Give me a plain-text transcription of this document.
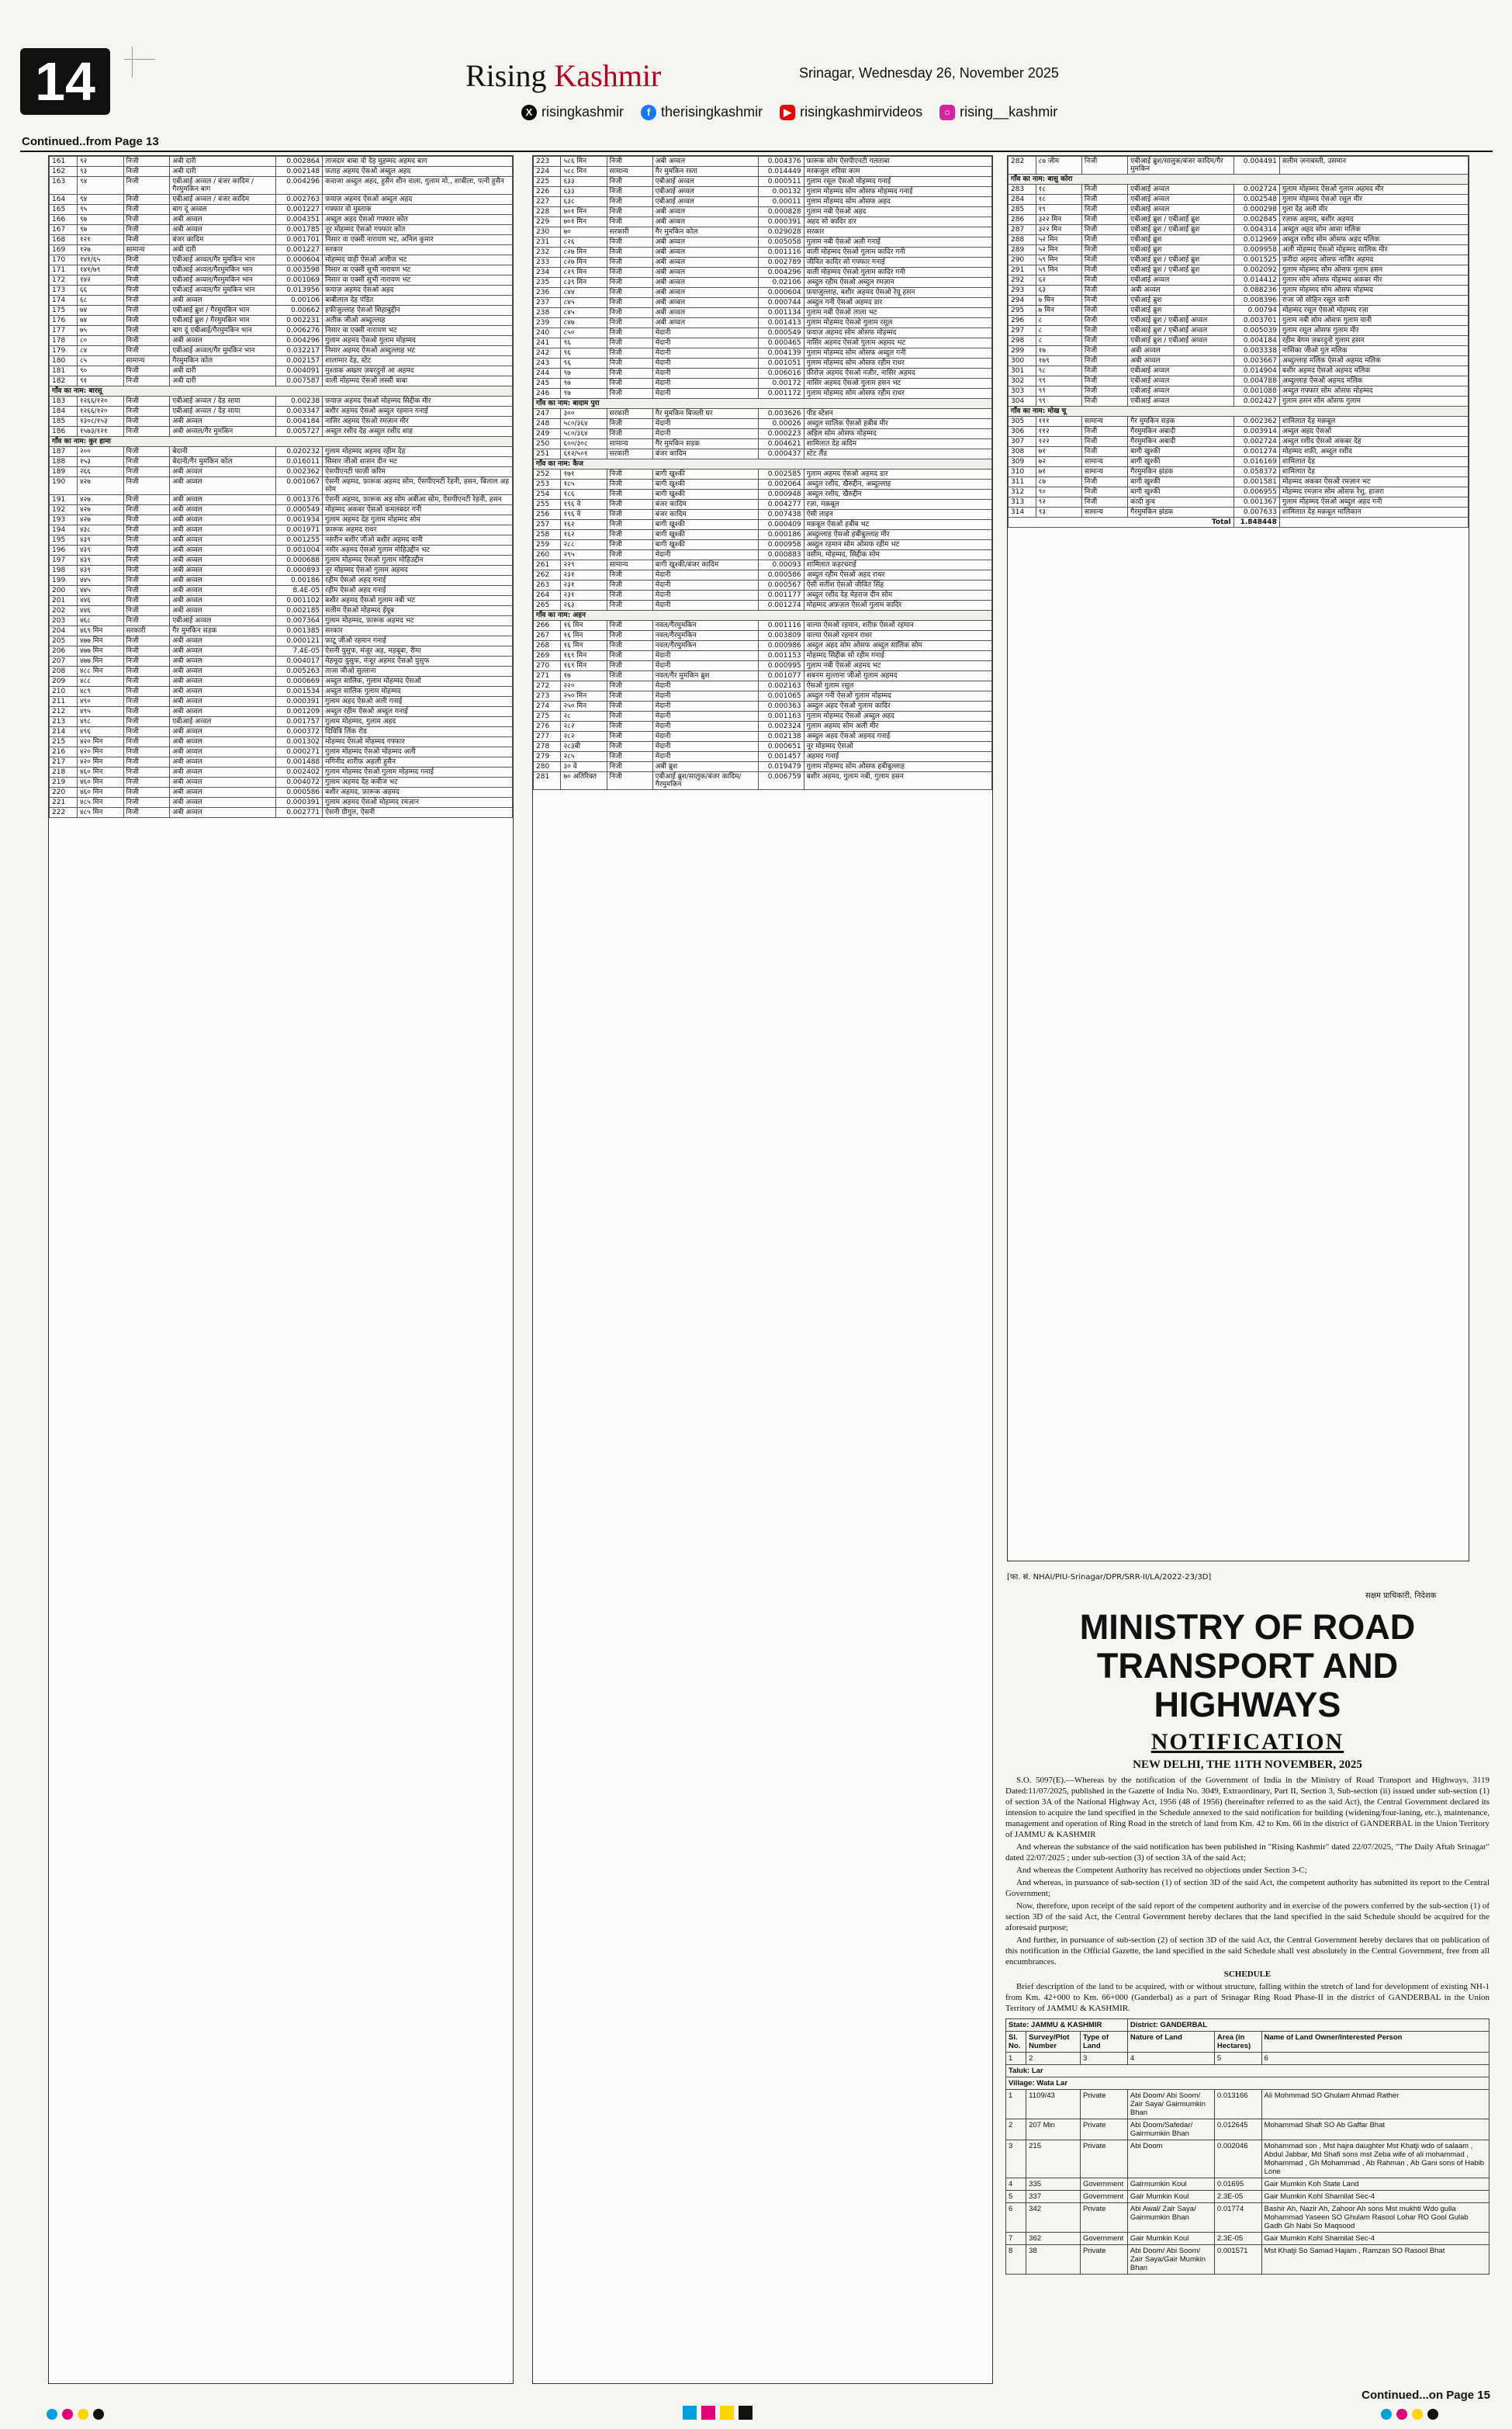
14	Rising Kashmir	Srinagar, Wednesday 26, November 2025
X risingkashmir	f therisingkashmir	▶ risingkashmirvideos	○ rising__kashmir
Continued..from Page 13
161	९२	निजी	अबी दारी	0.002864	ताजदार बाबा वो देह मुहम्मद अहमद बाग
162	९३	निजी	अबी दारी	0.002148	फ़ताह अहमद ऐसओ अब्दुल अहद
163	९४	निजी	एबीआई अव्वल / बंजर कादिम / गैरमुमकिन बाग	0.004296	कवाजा अब्दुल अहद, हुसैन शीन वाला, गुलाम मो., शाबीला, पत्नी हुसैन
164	९४	निजी	एबीआई अव्वल / बंजर कादिम	0.002763	फ़याज़ अहमद ऐसओ अब्दुल अहद
165	९५	निजी	बाग दूं अव्वल	0.001227	गफ्फार वो मुस्ताक
166	९७	निजी	अबी अव्वल	0.004351	अब्दुल अहद ऐसओ गफ्फार कोत
167	९७	निजी	अबी अव्वल	0.001785	नूर मोहम्मद ऐसओ गफ्फार कोत
168	१२१	निजी	बंजर कादिम	0.001701	निसार वा एक्सी नारायण भट, अनिल कुमार
169	१२७	सामान्य	अबी दारी	0.001227	सरकार
170	१४१/६५	निजी	एबीआई अव्वल/गैर मुमकिन भान	0.000604	मोहम्मद याही ऐसओ अजीज भट
171	१४१/७९	निजी	एबीआई अव्वल/गैरमुमकिन भान	0.003598	निसार वा एक्सी सुभी नारायण भट
172	१४२	निजी	एबीआई अव्वल/गैरमुमकिन भान	0.001069	निसार वा एक्सी सुभी नारायण भट
173	६६	निजी	एबीआई अव्वल/गैर मुमकिन भान	0.013956	फ़याज़ अहमद ऐसओ अहद
174	६८	निजी	अबी अव्वल	0.00106	बाबीलाल देह पंडित
175	७४	निजी	एबीआई ब्रुश / गैरमुमकिन भान	0.00662	हफीजुल्लाह ऐसओ शिहाबुद्दीन
176	७४	निजी	एबीआई ब्रुश / गैरमुमकिन भान	0.002231	अतीक जीओ अब्दुल्लाह
177	७५	निजी	बाग दूं एबीआई/गैरमुमकिन भान	0.006276	निसार वा एक्सी नारायण भट
178	८०	निजी	अबी अव्वल	0.004296	गुलाम अहमद ऐसओ गुलाम मोहम्मद
179	८४	निजी	एबीआई अव्वल/गैर मुमकिन भान	0.032217	निसार अहमद ऐसओ अब्दुल्लाह भट
180	८५	सामान्य	गैरमुमकिन कोल	0.002157	शालामार देह, स्टेट
181	९०	निजी	अबी दारी	0.004091	मुश्ताक अख्तर ज़बरदुनो आ अहमद
182	९१	निजी	अबी दारी	0.007587	वाली मोहम्मद ऐसओ लस्सी बाबा
गाँव का नाम: बारसू					
183	१२६६/१२०	निजी	एबीआई अव्वल / देह साया	0.00238	फ़याज़ अहमद ऐसओ मोहम्मद सिद्दीक मीर
184	१२६६/१२०	निजी	एबीआई अव्वल / देह साया	0.003347	बशीर अहमद ऐसओ अब्दुल रहमान गनाई
185	१३०८/१५३	निजी	अबी अव्वल	0.004184	नासिर अहमद ऐसओ रमज़ान मीर
186	१५७३/१२१	निजी	अबी अव्वल/गैर मुमकिन	0.005727	अब्दुल रशीद देह अब्दुल रशीद शाह
गाँव का नाम: कुर हामा					
187	२००	निजी	बेदानी	0.020232	गुलाम मोहम्मद अहमद रहीम देह
188	१५३	निजी	बेदानी/गैर मुमकिन कोल	0.016011	सिसार जीओ शासन दीन भट
189	२६६	निजी	अबी अव्वल	0.002362	ऐसपीएनटी फाज़ी करिम
190	४२७	निजी	अबी अव्वल	0.001067	ऐसनी अहमद, फ़ारूक अहमद सोम, ऐसपीएनटी रेहनी, हसन, बिलाल अह सोम
191	४२७	निजी	अबी अव्वल	0.001376	ऐसनी अहमद, फ़ारूक अह सोम अबीआ सोम, ऐसपीएनटी रेहनी, हसन
192	४२७	निजी	अबी अव्वल	0.000549	मोहम्मद अकबर ऐसओ कमलबदर गनी
193	४२७	निजी	अबी अव्वल	0.001934	गुलाम अहमद देह गुलाम मोहम्मद सोम
194	४३८	निजी	अबी अव्वल	0.001971	फ़ारूक अहमद राथर
195	४३९	निजी	अबी अव्वल	0.001255	नसरीन बशीर जीओ बशीर अहमद वानी
196	४३९	निजी	अबी अव्वल	0.001004	नसीर अहमद ऐसओ गुलाम मोहिउद्दीन भट
197	४३९	निजी	अबी अव्वल	0.000688	गुलाम मोहम्मद ऐसओ गुलाम मोहिउद्दीन
198	४३९	निजी	अबी अव्वल	0.000893	नूर मोहम्मद ऐसओ गुलाम अहमद
199	४४५	निजी	अबी अव्वल	0.00186	रहीम ऐसओ अहद गनाई
200	४४५	निजी	अबी अव्वल	8.4E-05	रहीम ऐसओ अहद गनाई
201	४४६	निजी	अबी अव्वल	0.001102	बशीर अहमद ऐसओ गुलाम नबी भट
202	४४६	निजी	अबी अव्वल	0.002185	सलीम ऐसओ मोहम्मद ईयूब
203	४६८	निजी	एबीआई अव्वल	0.007364	गुलाम मोहम्मद, फ़ारूक अहमद भट
204	४६९ मिन	सरकारी	गैर मुमकिन सड़क	0.001385	सरकार
205	४७७ मिन	निजी	अबी अव्वल	0.000121	फ़ाटू जीओ रहमान गनाई
206	४७७ मिन	निजी	अबी अव्वल	7.4E-05	ऐसनी युसुफ, मंजूर अह, महबूबा, रीमा
207	४७७ मिन	निजी	अबी अव्वल	0.004017	मेहमूदा युसुफ, मंजूर अहमद ऐसओ युसुफ
208	४८८ मिन	निजी	अबी अव्वल	0.005263	ताजा जीओ सुल्ताना
209	४८८	निजी	अबी अव्वल	0.000669	अब्दुल सालिक, गुलाम मोहम्मद ऐसओ
210	४८९	निजी	अबी अव्वल	0.001534	अब्दुल सालिक गुलाम मोहम्मद
211	४९०	निजी	अबी अव्वल	0.000391	गुलाम अहद ऐसओ अली गनाई
212	४९५	निजी	अबी अव्वल	0.001209	अब्दुल रहीम ऐसओ अब्दुल गनाई
213	४९८	निजी	एबीआई अव्वल	0.001757	गुलाम मोहम्मद, गुलाम अहद
214	४९६	निजी	अबी अव्वल	0.000372	दिवित्रि लिंक रोड
215	४२० मिन	निजी	अबी अव्वल	0.001302	मोहम्मद ऐसओ मोहम्मद गफ्फार
216	४२० मिन	निजी	अबी अव्वल	0.000271	गुलाम मोहम्मद ऐसओ मोहम्मद अली
217	४२० मिन	निजी	अबी अव्वल	0.001488	मगिनीद शारीफ़ अहली हुसैन
218	४६० मिन	निजी	अबी अव्वल	0.002402	गुलाम मोहम्मद ऐसओ गुलाम मोहम्मद गनाई
219	४६० मिन	निजी	अबी अव्वल	0.004072	गुलाम अहमद देह कवीज भट
220	४६० मिन	निजी	अबी अव्वल	0.000586	बशीर अहमद, फ़ारूक अहमद
221	४८५ मिन	निजी	अबी अव्वल	0.000391	गुलाम अहमद ऐसओ मोहम्मद रमज़ान
222	४८५ मिन	निजी	अबी अव्वल	0.002771	ऐसनी ग्रीगुल, ऐसनी
223	५८६ मिन	निजी	अबी अव्वल	0.004376	फ़ारूक सोम ऐसपीएनटी गलताबा
224	५८८ मिन	सामान्य	गैर मुमकिन रस्ता	0.014449	मरकजुल शरिया काम
225	६३३	निजी	एबीआई अव्वल	0.000511	गुलाम रसूल ऐसओ मोहम्मद गनाई
226	६३३	निजी	एबीआई अव्वल	0.00132	गुलाम मोहम्मद सोम ओसफ मोहम्मद गनाई
227	६३८	निजी	एबीआई अव्वल	0.00011	गुलाम मोहम्मद सोम ओसफ अहद
228	७०१ मिन	निजी	अबी अव्वल	0.000828	गुलाम नबी ऐसओ अहद
229	७०१ मिन	निजी	अबी अव्वल	0.000391	अहद सो कादिर डार
230	७०	सरकारी	गैर मुमकिन कोल	0.029028	सरकार
231	८२६	निजी	अबी अव्वल	0.005058	गुलाम नबी ऐसओ अली गनाई
232	८२७ मिन	निजी	अबी अव्वल	0.001116	वाली मोहम्मद ऐसओ गुलाम कादिर गनी
233	८२७ मिन	निजी	अबी अव्वल	0.002789	जीवित कादिर सो गफ्फार गनाई
234	८२९ मिन	निजी	अबी अव्वल	0.004296	वाली मोहम्मद ऐसओ गुलाम कादिर गनी
235	८३९ मिन	निजी	अबी अव्वल	0.02106	अब्दुल रहीम ऐसओ अब्दुल रमज़ान
236	८४४	निजी	अबी अव्वल	0.000604	फ़याज़ुल्लाह, बशीर अहमद ऐसओ रेयू हसन
237	८४५	निजी	अबी अव्वल	0.000744	अब्दुल गनी ऐसओ अहमद डार
238	८४५	निजी	अबी अव्वल	0.001134	गुलाम नबी ऐसओ लाला भट
239	८४७	निजी	अबी अव्वल	0.001413	गुलाम मोहम्मद ऐसओ गुलाम रसूल
240	८५०	निजी	मेदानी	0.000549	फ़याज़ अहमद सोम ओसफ मोहम्मद
241	९६	निजी	मेदानी	0.000465	नासिर अहमद ऐसओ गुलाम अहमद भट
242	९६	निजी	मेदानी	0.004139	गुलाम मोहम्मद सोम ओसफ अब्दुल गनी
243	९६	निजी	मेदानी	0.001051	गुलाम मोहम्मद सोम ओसफ रहीम राथर
244	९७	निजी	मेदानी	0.006016	फ़ीरोज़ अहमद ऐसओ नज़ीर, नासिर अहमद
245	९७	निजी	मेदानी	0.00172	नासिर अहमद ऐसओ गुलाम हसन भट
246	९७	निजी	मेदानी	0.001172	गुलाम मोहम्मद सोम ओसफ रहीम राथर
गाँव का नाम: बादाम पुरा					
247	३००	सरकारी	गैर मुमकिन बिजली घर	0.003626	पीड स्टेशन
248	५८०/३६४	निजी	मेदानी	0.00026	अब्दुल सालिक ऐसओ हबीब मीर
249	५८०/३६४	निजी	मेदानी	0.000223	अहिल सोम ओसफ मोहम्मद
250	६००/३०८	सामान्य	गैर मुमकिन सड़क	0.004621	शामिलात देह कदिम
251	६१२/५०१	सरकारी	बंजर कादिम	0.000437	स्टेट लैंड
गाँव का नाम: कैज					
252	१७१	निजी	बागी खुश्की	0.002585	गुलाम अहमद ऐसओ अहमद डार
253	१८५	निजी	बागी खुश्की	0.002064	अब्दुल रशीद, खैरुद्दीन, अब्दुल्लाह
254	१८६	निजी	बागी खुश्की	0.000948	अब्दुल रशीद, खैरुद्दीन
255	१९६ वे	निजी	बंजर कादिम	0.004277	रज़ा, मक़बूल
256	१९६ वे	निजी	बंजर कादिम	0.007438	ऐसी लाइन
257	१६२	निजी	बागी खुश्की	0.000409	मक़बूल ऐसओ हबीब भट
258	१६२	निजी	बागी खुश्की	0.000186	अब्दुल्लाह ऐसओ हबीबुल्लाह मीर
259	२८८	निजी	बागी खुश्की	0.000958	अब्दुल रहमान सोम ओसफ रहीम भट
260	२९५	निजी	मेदानी	0.000883	वसीम, मोहम्मद, सिद्दीक सोम
261	२२९	सामान्य	बागी खुश्की/बंजर कादिम	0.00093	शामिलात कहरचराई
262	२३१	निजी	मेदानी	0.000586	अब्दुल रहीम ऐसओ अहद राथर
263	२३१	निजी	मेदानी	0.000567	ऐसी सतीश ऐसओ जीवित सिंह
264	२३१	निजी	मेदानी	0.001177	अब्दुल रशीद देह मेहराज दीन सोम
265	२६३	निजी	मेदानी	0.001274	मोहम्मद अफ़ज़ल ऐसओ गुलाम कादिर
गाँव का नाम: अहन					
266	१६ मिन	निजी	नवल/गैरमुमकिन	0.001116	वाल्या ऐसओ रहमान, शरीफ़ ऐसओ रहमान
267	१६ मिन	निजी	नवल/गैरमुमकिन	0.003809	वाल्या ऐसओ रहमान राथर
268	१६ मिन	निजी	नवल/गैरमुमकिन	0.000986	अब्दुल अहद सोम ओसफ अब्दुल सालिक सोम
269	१६९ मिन	निजी	मेदानी	0.001153	मोहम्मद सिद्दीक सो रहीम गनाई
270	१६९ मिन	निजी	मेदानी	0.000995	गुलाम नबी ऐसओ अहमद भट
271	१७	निजी	नवल/गैर मुमकिन ब्रुश	0.001077	शबनम सुल्ताना जीओ ग़ुलाम अहमद
272	२२०	निजी	मेदानी	0.002163	ऐसओ गुलाम रसूल
273	२५० मिन	निजी	मेदानी	0.001065	अब्दुल गनी ऐसओ गुलाम मोहम्मद
274	२५० मिन	निजी	मेदानी	0.000363	अब्दुल अहद ऐसओ गुलाम कादिर
275	२८	निजी	मेदानी	0.001163	गुलाम मोहम्मद ऐसओ अब्दुल अहद
276	२८२	निजी	मेदानी	0.002324	गुलाम अहमद सोम अली मीर
277	२८२	निजी	मेदानी	0.002138	अब्दुल अहद ऐसओ अहमद गनाई
278	२८३बी	निजी	मेदानी	0.000651	नूर मोहम्मद ऐसओ
279	२८५	निजी	मेदानी	0.001457	अहमद गनाई
280	३० वे	निजी	अबी ब्रुश	0.019479	ग़ुलाम मोहम्मद सोम ओसफ हबीबुल्लाह
281	७० अतिरिक्त	निजी	एबीआई ब्रुश/सालुक/बंजर कादिम/गैरमुमकिन	0.006759	बशीर अहमद, गुलाम नबी, गुलाम हसन
282	८७ जीम	निजी	एबीआई ब्रुश/सालुक/बंजर कादिम/गैर मुमकिन	0.004491	सलीम ज़नाबस्ती, उसमान
गाँव का नाम: बासु कोरा					
283	१८	निजी	एबीआई अव्वल	0.002724	गुलाम मोहम्मद ऐसओ गुलाम अहमद मीर
284	१८	निजी	एबीआई अव्वल	0.002548	गुलाम मोहम्मद ऐसओ रसूल मीर
285	१९	निजी	एबीआई अव्वल	0.000298	गुला देह अली मीर
286	३२२ मिन	निजी	एबीआई ब्रुश / एबीआई ब्रुश	0.002845	रज़ाक अहमद, बशीर अहमद
287	३२२ मिन	निजी	एबीआई ब्रुश / एबीआई ब्रुश	0.004314	अब्दुल अहद सोम आसा मलिक
288	५२ मिन	निजी	एबीआई ब्रुश	0.012969	अब्दुल रशीद सोम ओसफ अहद मलिक
289	५२ मिन	निजी	एबीआई ब्रुश	0.009958	अली मोहम्मद ऐसओ मोहम्मद सालिक मीर
290	५९ मिन	निजी	एबीआई ब्रुश / एबीआई ब्रुश	0.001525	फ़रीदा अहमद ओसफ नाजिर अहमद
291	५९ मिन	निजी	एबीआई ब्रुश / एबीआई ब्रुश	0.002092	गुलाम मोहम्मद सोम ओसफ गुलाम हसन
292	६२	निजी	एबीआई अव्वल	0.014412	गुलाम सोम ओसफ मोहम्मद अकबर मीर
293	६३	निजी	अबी अव्वल	0.088236	गुलाम मोहम्मद सोम ओसफ मोहम्मद
294	७ मिन	निजी	एबीआई ब्रुश	0.008396	राजा जो सोहिन रसूल वानी
295	७ मिन	निजी	एबीआई ब्रुश	0.00794	मोहम्मद रसूल ऐसओ मोहम्मद रज़ा
296	८	निजी	एबीआई ब्रुश / एबीआई अव्वल	0.003701	गुलाम नबी सोम ओसफ गुलाम वानी
297	८	निजी	एबीआई ब्रुश / एबीआई अव्वल	0.005039	गुलाम रसूल ओसफ गुलाम मीर
298	८	निजी	एबीआई ब्रुश / एबीआई अव्वल	0.004184	रहीम बेगम ज़बरदुनो गुलाम हसन
299	१७	निजी	अबी अव्वल	0.003338	नासिका जीओ गुल मलिक
300	१७९	निजी	अबी अव्वल	0.003667	अब्दुल्लाह मलिक ऐसओ अहमद मलिक
301	९८	निजी	एबीआई अव्वल	0.014904	बशीर अहमद ऐसओ अहमद मलिक
302	९९	निजी	एबीआई अव्वल	0.004788	अब्दुल्लाह ऐसओ अहमद मलिक
303	९९	निजी	एबीआई अव्वल	0.001088	अब्दुल ग़फ्फार सोम ओसफ मोहम्मद
304	९९	निजी	एबीआई अव्वल	0.002427	गुलाम हसन सोम ओसफ गुलाम
गाँव का नाम: मोख चू					
305	१११	सामान्य	गैर मुमकिन सड़क	0.002362	शामिलात देह मक़बूल
306	११२	निजी	गैरमुमकिन अबादी	0.003914	अब्दुल अहद ऐसओ
307	१२२	निजी	गैरमुमकिन अबादी	0.002724	अब्दुल रशीद ऐसओ अकबर देह
308	७१	निजी	बागी खुश्की	0.001274	मोहम्मद शफ़ी, अब्दुल रशीद
309	७२	सामान्य	बागी खुश्की	0.016169	शामिलात देह
310	७१	सामान्य	गैरमुमकिन झंडक	0.058372	शामिलात देह
311	८७	निजी	बागी खुश्की	0.001581	मोहम्मद अकबर ऐसओ रमज़ान भट
312	९०	निजी	बागी खुश्की	0.006955	मोहम्मद रमज़ान सोम ओसफ रेशु, हाजरा
313	९२	निजी	कादी कुच	0.001367	गुलाम मोहम्मद ऐसओ अब्दुल अहद गनी
314	९३	सामान्य	गैरमुमकिन झंडक	0.007633	शामिलात देह मक़बूल मालिकान
Total				1.848448	
[फा. सं. NHAI/PIU-Srinagar/DPR/SRR-II/LA/2022-23/3D]
सक्षम प्राधिकारी, निदेशक
MINISTRY OF ROAD TRANSPORT AND HIGHWAYS
NOTIFICATION
NEW DELHI, THE 11TH NOVEMBER, 2025

S.O. 5097(E).—Whereas by the notification of the Government of India in the Ministry of Road Transport and Highways, 3119 Dated:11/07/2025, published in the Gazette of India No. 3049, Extraordinary, Part II, Section 3, Sub-section (ii) issued under sub-section (1) of section 3A of the National Highway Act, 1956 (48 of 1956) (hereinafter referred to as the said Act), the Central Government declared its intension to acquire the land specified in the Schedule annexed to the said notification for building (widening/four-laning, etc.), maintenance, management and operation of Ring Road in the stretch of land from Km. 42 to Km. 66 in the district of GANDERBAL in the Union Territory of JAMMU & KASHMIR

And whereas the substance of the said notification has been published in "Rising Kashmir" dated 22/07/2025, "The Daily Aftab Srinagar" dated 22/07/2025 ; under sub-section (3) of section 3A of the said Act;

And whereas the Competent Authority has received no objections under Section 3-C;

And whereas, in pursuance of sub-section (1) of section 3D of the said Act, the competent authority has submitted its report to the Central Government;

Now, therefore, upon receipt of the said report of the competent authority and in exercise of the powers conferred by the sub-section (1) of section 3D of the said Act, the Central Government hereby declares that the land specified in the said Schedule should be acquired for the aforesaid purpose;

And further, in pursuance of sub-section (2) of section 3D of the said Act, the Central Government hereby declares that on publication of this notification in the Official Gazette, the land specified in the said Schedule shall vest absolutely in the Central Government, free from all encumbrances.

SCHEDULE

Brief description of the land to be acquired, with or without structure, falling within the stretch of land for development of existing NH-1 from Km. 42+000 to Km. 66+000 (Ganderbal) as a part of Srinagar Ring Road Phase-II in the district of GANDERBAL in the Union Territory of JAMMU & KASHMIR.

State: JAMMU & KASHMIR			District: GANDERBAL		
Sl. No.	Survey/Plot Number	Type of Land	Nature of Land	Area (in Hectares)	Name of Land Owner/Interested Person
1	2	3	4	5	6
Taluk: Lar					
Village: Wata Lar					
1	1109/43	Private	Abi Doom/ Abi Soom/ Zair Saya/ Gairmumkin Bhan	0.013166	Ali Mohmmad SO Ghulam Ahmad Rather
2	207 Min	Private	Abi Doom/Safedar/ Gairmumkin Bhan	0.012645	Mohammad Shafi SO Ab Gaffar Bhat
3	215	Private	Abi Doom	0.002046	Mohammad son , Mst hajra daughter Mst Khatji wdo of salaam , Abdul Jabbar, Md Shafi sons mst Zeba wife of ali mohammad , Mohammad , Gh Mohammad , Ab Rahman , Ab Gani sons of Habib Lone
4	335	Government	Gairmumkin Koul	0.01695	Gair Mumkin Koh State Land
5	337	Government	Gair Mumkin Koul	2.3E-05	Gair Mumkin Kohl Shamilat Sec-4
6	342	Private	Abi Awal/ Zair Saya/ Gairmumkin Bhan	0.01774	Bashir Ah, Nazir Ah, Zahoor Ah sons Mst mukhti Wdo gulla Mohammad Yaseen SO Ghulam Rasool Lohar RO Gool Gulab Gadh Gh Nabi So Maqsood
7	362	Government	Gair Mumkin Koul	2.3E-05	Gair Mumkin Kohl Shamilat Sec-4
8	38	Private	Abi Doom/ Abi Soom/ Zair Saya/Gair Mumkin Bhan	0.001571	Mst Khatji So Samad Hajam , Ramzan SO Rasool Bhat
Continued...on Page 15
